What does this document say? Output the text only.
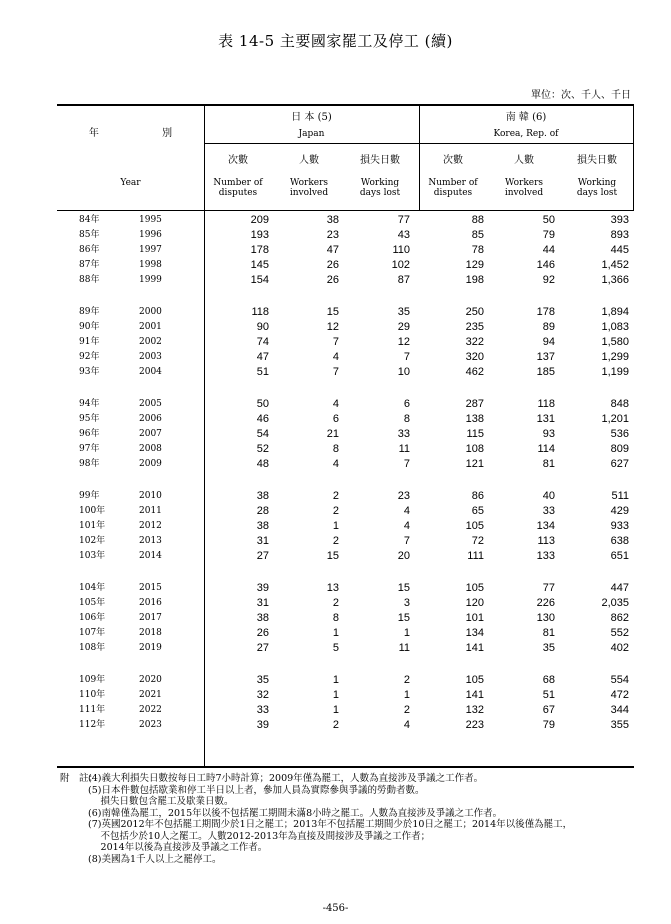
表 14-5 主要國家罷工及停工 (續)
單位：次、千人、千日
年 別
Year
日 本 (5)
Japan
南 韓 (6)
Korea, Rep. of
次數
Number of
disputes
人數
Workers
involved
損失日數
Working
days lost
次數
Number of
disputes
人數
Workers
involved
損失日數
Working
days lost
84年	1995	209	38	77	88	50	393
85年	1996	193	23	43	85	79	893
86年	1997	178	47	110	78	44	445
87年	1998	145	26	102	129	146	1,452
88年	1999	154	26	87	198	92	1,366
89年	2000	118	15	35	250	178	1,894
90年	2001	90	12	29	235	89	1,083
91年	2002	74	7	12	322	94	1,580
92年	2003	47	4	7	320	137	1,299
93年	2004	51	7	10	462	185	1,199
94年	2005	50	4	6	287	118	848
95年	2006	46	6	8	138	131	1,201
96年	2007	54	21	33	115	93	536
97年	2008	52	8	11	108	114	809
98年	2009	48	4	7	121	81	627
99年	2010	38	2	23	86	40	511
100年	2011	28	2	4	65	33	429
101年	2012	38	1	4	105	134	933
102年	2013	31	2	7	72	113	638
103年	2014	27	15	20	111	133	651
104年	2015	39	13	15	105	77	447
105年	2016	31	2	3	120	226	2,035
106年	2017	38	8	15	101	130	862
107年	2018	26	1	1	134	81	552
108年	2019	27	5	11	141	35	402
109年	2020	35	1	2	105	68	554
110年	2021	32	1	1	141	51	472
111年	2022	33	1	2	132	67	344
112年	2023	39	2	4	223	79	355
附　註：
(4)義大利損失日數按每日工時7小時計算；2009年僅為罷工，人數為直接涉及爭議之工作者。
(5)日本件數包括歇業和停工半日以上者，參加人員為實際參與爭議的勞動者數。
　 損失日數包含罷工及歇業日數。
(6)南韓僅為罷工，2015年以後不包括罷工期間未滿8小時之罷工。人數為直接涉及爭議之工作者。
(7)英國2012年不包括罷工期間少於1日之罷工；2013年不包括罷工期間少於10日之罷工；2014年以後僅為罷工，
　 不包括少於10人之罷工。人數2012-2013年為直接及間接涉及爭議之工作者；
　 2014年以後為直接涉及爭議之工作者。
(8)美國為1千人以上之罷停工。
-456-
